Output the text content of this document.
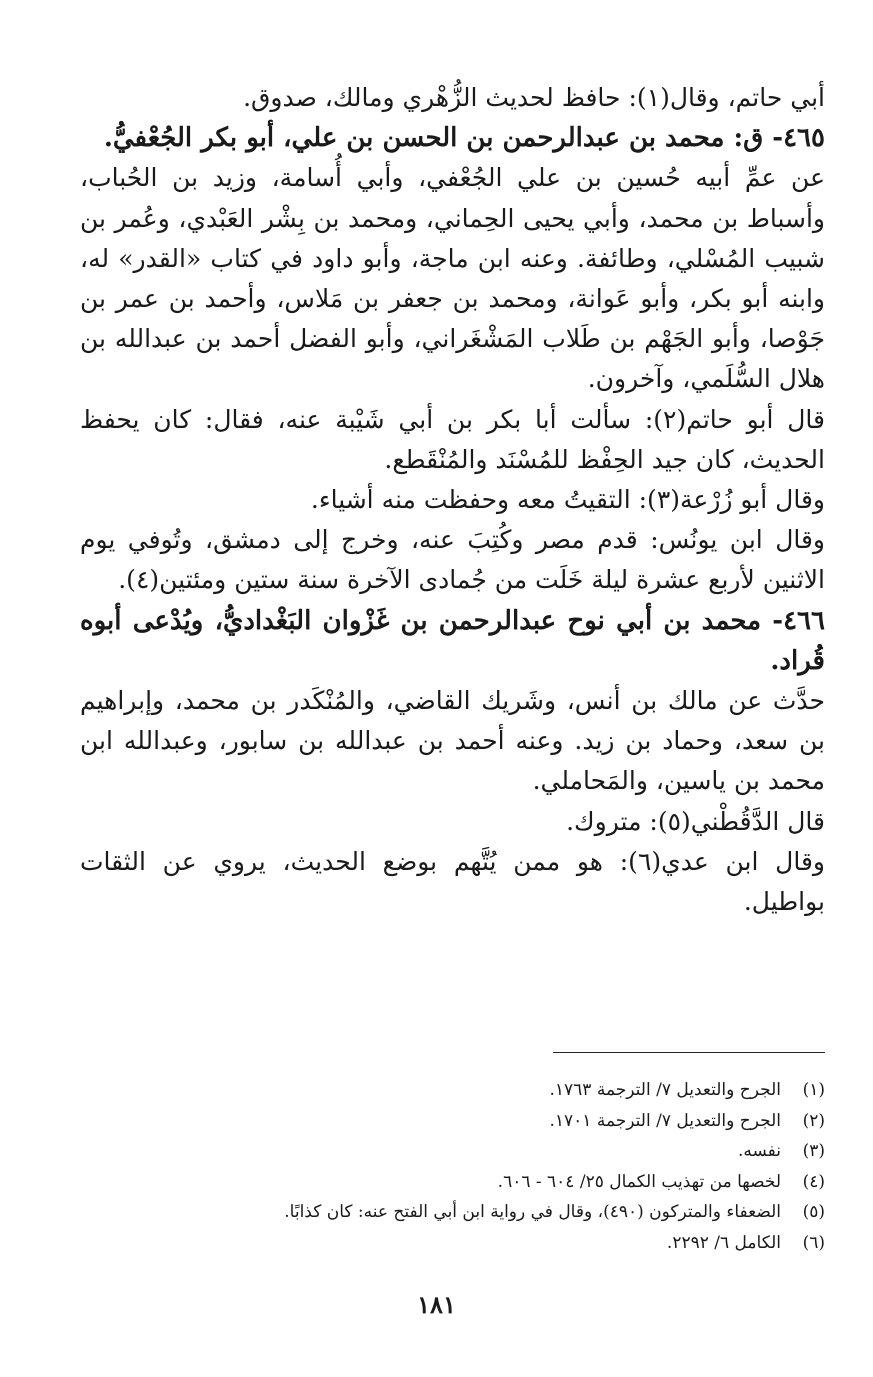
أبي حاتم، وقال(١): حافظ لحديث الزُّهْري ومالك، صدوق.

٤٦٥- ق: محمد بن عبدالرحمن بن الحسن بن علي، أبو بكر الجُعْفيُّ.

عن عمِّ أبيه حُسين بن علي الجُعْفي، وأبي أُسامة، وزيد بن الحُباب، وأسباط بن محمد، وأبي يحيى الحِماني، ومحمد بن بِشْر العَبْدي، وعُمر بن شبيب المُسْلي، وطائفة. وعنه ابن ماجة، وأبو داود في كتاب «القدر» له، وابنه أبو بكر، وأبو عَوانة، ومحمد بن جعفر بن مَلاس، وأحمد بن عمر بن جَوْصا، وأبو الجَهْم بن طَلاب المَشْغَراني، وأبو الفضل أحمد بن عبدالله بن هلال السُّلَمي، وآخرون.

قال أبو حاتم(٢): سألت أبا بكر بن أبي شَيْبة عنه، فقال: كان يحفظ الحديث، كان جيد الحِفْظ للمُسْنَد والمُنْقَطع.

وقال أبو زُرْعة(٣): التقيتُ معه وحفظت منه أشياء.

وقال ابن يونُس: قدم مصر وكُتِبَ عنه، وخرج إلى دمشق، وتُوفي يوم الاثنين لأربع عشرة ليلة خَلَت من جُمادى الآخرة سنة ستين ومئتين(٤).

٤٦٦- محمد بن أبي نوح عبدالرحمن بن غَزْوان البَغْداديُّ، ويُدْعى أبوه قُراد.

حدَّث عن مالك بن أنس، وشَريك القاضي، والمُنْكَدر بن محمد، وإبراهيم بن سعد، وحماد بن زيد. وعنه أحمد بن عبدالله بن سابور، وعبدالله ابن محمد بن ياسين، والمَحاملي.

قال الدَّقُطْني(٥): متروك.

وقال ابن عدي(٦): هو ممن يُتَّهم بوضع الحديث، يروي عن الثقات بواطيل.

(١)الجرح والتعديل ٧/ الترجمة ١٧٦٣.
(٢)الجرح والتعديل ٧/ الترجمة ١٧٠١.
(٣)نفسه.
(٤)لخصها من تهذيب الكمال ٢٥/ ٦٠٤ - ٦٠٦.
(٥)الضعفاء والمتركون (٤٩٠)، وقال في رواية ابن أبي الفتح عنه: كان كذابًا.
(٦)الكامل ٦/ ٢٢٩٢.
١٨١
